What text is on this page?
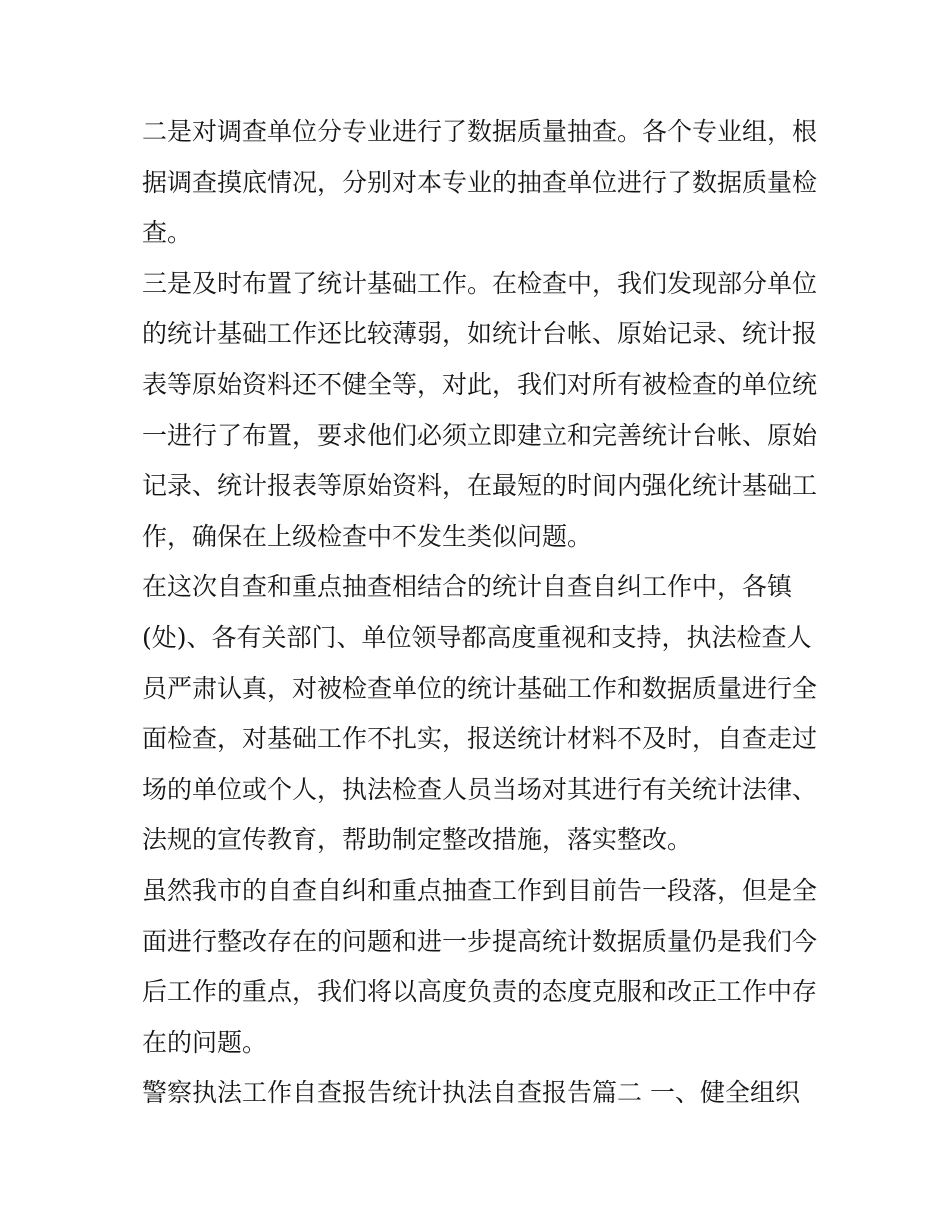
二是对调查单位分专业进行了数据质量抽查。各个专业组，根
据调查摸底情况，分别对本专业的抽查单位进行了数据质量检
查。
三是及时布置了统计基础工作。在检查中，我们发现部分单位
的统计基础工作还比较薄弱，如统计台帐、原始记录、统计报
表等原始资料还不健全等，对此，我们对所有被检查的单位统
一进行了布置，要求他们必须立即建立和完善统计台帐、原始
记录、统计报表等原始资料，在最短的时间内强化统计基础工
作，确保在上级检查中不发生类似问题。
在这次自查和重点抽查相结合的统计自查自纠工作中，各镇
(处)、各有关部门、单位领导都高度重视和支持，执法检查人
员严肃认真，对被检查单位的统计基础工作和数据质量进行全
面检查，对基础工作不扎实，报送统计材料不及时，自查走过
场的单位或个人，执法检查人员当场对其进行有关统计法律、
法规的宣传教育，帮助制定整改措施，落实整改。
虽然我市的自查自纠和重点抽查工作到目前告一段落，但是全
面进行整改存在的问题和进一步提高统计数据质量仍是我们今
后工作的重点，我们将以高度负责的态度克服和改正工作中存
在的问题。
警察执法工作自查报告统计执法自查报告篇二 一、健全组织
